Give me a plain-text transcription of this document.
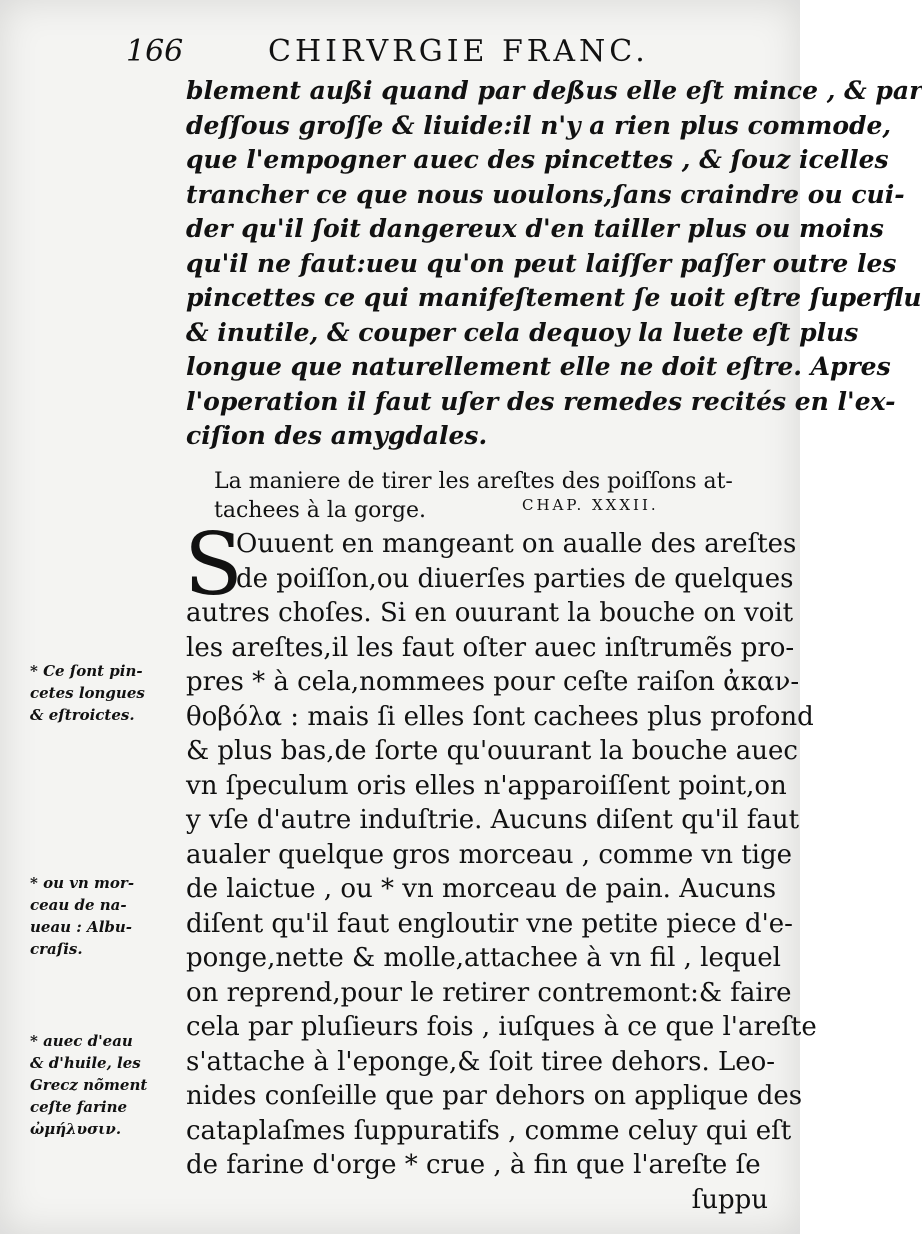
166	CHIRVRGIE FRANC.
blement außi quand par deßus elle eſt mince , & par
deſſous groſſe & liuide:il n'y a rien plus commode,
que l'empogner auec des pincettes , & ſouz icelles
trancher ce que nous uoulons,ſans craindre ou cui-
der qu'il ſoit dangereux d'en tailler plus ou moins
qu'il ne faut:ueu qu'on peut laiſſer paſſer outre les
pincettes ce qui manifeſtement ſe uoit eſtre ſuperflu
& inutile, & couper cela dequoy la luete eſt plus
longue que naturellement elle ne doit eſtre. Apres
l'operation il faut uſer des remedes recités en l'ex-
ciſion des amygdales.
La maniere de tirer les areſtes des poiſſons at-
tachees à la gorge.	CHAP. XXXII.
S
Ouuent en mangeant on aualle des areſtes
de poiſſon,ou diuerſes parties de quelques
autres choſes. Si en ouurant la bouche on voit
les areſtes,il les faut oſter auec inſtrumẽs pro-
pres * à cela,nommees pour ceſte raiſon ἀκαν-
θοβόλα : mais ſi elles ſont cachees plus profond
& plus bas,de ſorte qu'ouurant la bouche auec
vn ſpeculum oris elles n'apparoiſſent point,on
y vſe d'autre induſtrie. Aucuns diſent qu'il faut
aualer quelque gros morceau , comme vn tige
de laictue , ou * vn morceau de pain. Aucuns
diſent qu'il faut engloutir vne petite piece d'e-
ponge,nette & molle,attachee à vn fil , lequel
on reprend,pour le retirer contremont:& faire
cela par pluſieurs fois , iuſques à ce que l'areſte
s'attache à l'eponge,& ſoit tiree dehors. Leo-
nides conſeille que par dehors on applique des
cataplaſmes ſuppuratifs , comme celuy qui eſt
de farine d'orge * crue , à fin que l'areſte ſe
ſuppu
* Ce ſont pin-
cetes longues
& eſtroictes.
* ou vn mor-
ceau de na-
ueau : Albu-
craſis.
* auec d'eau
& d'huile, les
Grecz nõment
ceſte farine
ὠμήλυσιν.
